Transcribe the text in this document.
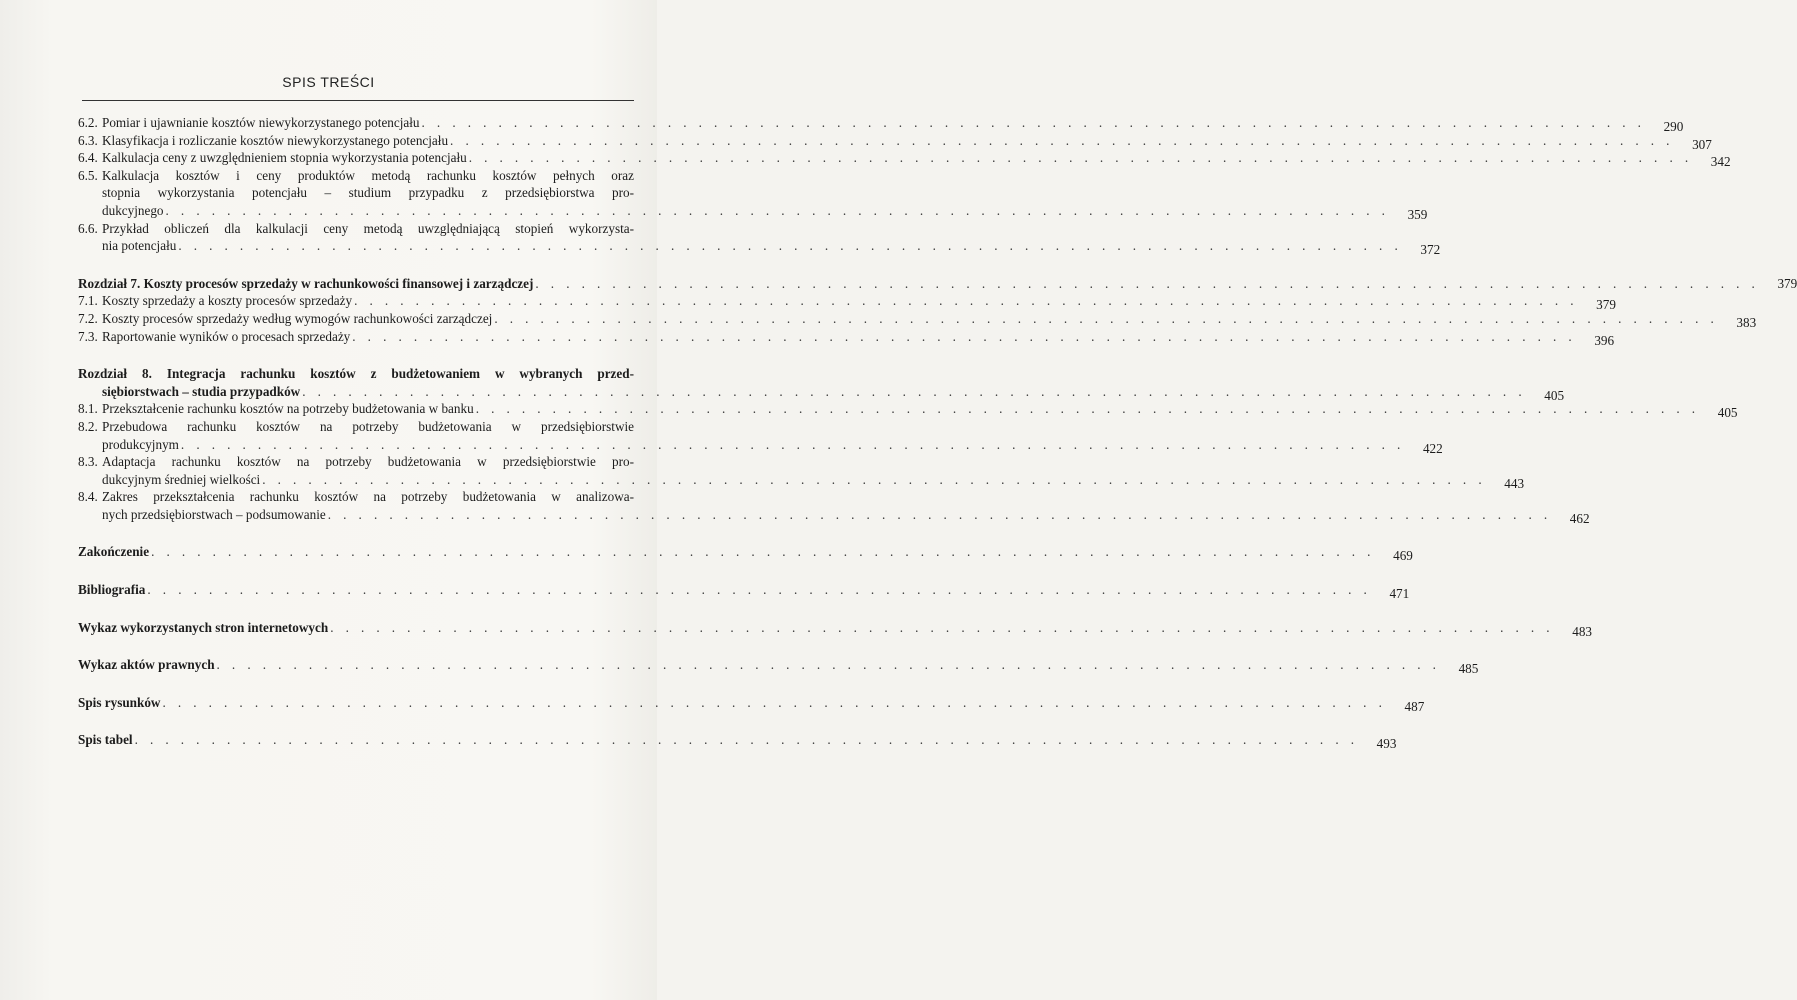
SPIS TREŚCI
6.2. Pomiar i ujawnianie kosztów niewykorzystanego potencjału . . . . . . . . . . . . . . . . . . . . . . . . . . . . . . . . . . . . . . . . . . . . . . . . . . . . . . . . . . . . . . . . . . . . . . . . . . . . . . . .	290
6.3. Klasyfikacja i rozliczanie kosztów niewykorzystanego potencjału . . . . . . . . . . . . . . . . . . . . . . . . . . . . . . . . . . . . . . . . . . . . . . . . . . . . . . . . . . . . . . . . . . . . . . . . . . . . . . . .	307
6.4. Kalkulacja ceny z uwzględnieniem stopnia wykorzystania potencjału . . . . . . . . . . . . . . . . . . . . . . . . . . . . . . . . . . . . . . . . . . . . . . . . . . . . . . . . . . . . . . . . . . . . . . . . . . . . . . . .	342
6.5. Kalkulacja kosztów i ceny produktów metodą rachunku kosztów pełnych oraz
stopnia wykorzystania potencjału – studium przypadku z przedsiębiorstwa pro-
dukcyjnego . . . . . . . . . . . . . . . . . . . . . . . . . . . . . . . . . . . . . . . . . . . . . . . . . . . . . . . . . . . . . . . . . . . . . . . . . . . . . . . .	359
6.6. Przykład obliczeń dla kalkulacji ceny metodą uwzględniającą stopień wykorzysta-
nia potencjału . . . . . . . . . . . . . . . . . . . . . . . . . . . . . . . . . . . . . . . . . . . . . . . . . . . . . . . . . . . . . . . . . . . . . . . . . . . . . . . .	372
Rozdział 7. Koszty procesów sprzedaży w rachunkowości finansowej i zarządczej . . . . . . . . . . . . . . . . . . . . . . . . . . . . . . . . . . . . . . . . . . . . . . . . . . . . . . . . . . . . . . . . . . . . . . . . . . . . . . . .	379
7.1. Koszty sprzedaży a koszty procesów sprzedaży . . . . . . . . . . . . . . . . . . . . . . . . . . . . . . . . . . . . . . . . . . . . . . . . . . . . . . . . . . . . . . . . . . . . . . . . . . . . . . . .	379
7.2. Koszty procesów sprzedaży według wymogów rachunkowości zarządczej . . . . . . . . . . . . . . . . . . . . . . . . . . . . . . . . . . . . . . . . . . . . . . . . . . . . . . . . . . . . . . . . . . . . . . . . . . . . . . . .	383
7.3. Raportowanie wyników o procesach sprzedaży . . . . . . . . . . . . . . . . . . . . . . . . . . . . . . . . . . . . . . . . . . . . . . . . . . . . . . . . . . . . . . . . . . . . . . . . . . . . . . . .	396
Rozdział 8. Integracja rachunku kosztów z budżetowaniem w wybranych przed-
siębiorstwach – studia przypadków . . . . . . . . . . . . . . . . . . . . . . . . . . . . . . . . . . . . . . . . . . . . . . . . . . . . . . . . . . . . . . . . . . . . . . . . . . . . . . . .	405
8.1. Przekształcenie rachunku kosztów na potrzeby budżetowania w banku . . . . . . . . . . . . . . . . . . . . . . . . . . . . . . . . . . . . . . . . . . . . . . . . . . . . . . . . . . . . . . . . . . . . . . . . . . . . . . . .	405
8.2. Przebudowa rachunku kosztów na potrzeby budżetowania w przedsiębiorstwie
produkcyjnym . . . . . . . . . . . . . . . . . . . . . . . . . . . . . . . . . . . . . . . . . . . . . . . . . . . . . . . . . . . . . . . . . . . . . . . . . . . . . . . .	422
8.3. Adaptacja rachunku kosztów na potrzeby budżetowania w przedsiębiorstwie pro-
dukcyjnym średniej wielkości . . . . . . . . . . . . . . . . . . . . . . . . . . . . . . . . . . . . . . . . . . . . . . . . . . . . . . . . . . . . . . . . . . . . . . . . . . . . . . . .	443
8.4. Zakres przekształcenia rachunku kosztów na potrzeby budżetowania w analizowa-
nych przedsiębiorstwach – podsumowanie . . . . . . . . . . . . . . . . . . . . . . . . . . . . . . . . . . . . . . . . . . . . . . . . . . . . . . . . . . . . . . . . . . . . . . . . . . . . . . . .	462
Zakończenie . . . . . . . . . . . . . . . . . . . . . . . . . . . . . . . . . . . . . . . . . . . . . . . . . . . . . . . . . . . . . . . . . . . . . . . . . . . . . . . .	469
Bibliografia . . . . . . . . . . . . . . . . . . . . . . . . . . . . . . . . . . . . . . . . . . . . . . . . . . . . . . . . . . . . . . . . . . . . . . . . . . . . . . . .	471
Wykaz wykorzystanych stron internetowych . . . . . . . . . . . . . . . . . . . . . . . . . . . . . . . . . . . . . . . . . . . . . . . . . . . . . . . . . . . . . . . . . . . . . . . . . . . . . . . .	483
Wykaz aktów prawnych . . . . . . . . . . . . . . . . . . . . . . . . . . . . . . . . . . . . . . . . . . . . . . . . . . . . . . . . . . . . . . . . . . . . . . . . . . . . . . . .	485
Spis rysunków . . . . . . . . . . . . . . . . . . . . . . . . . . . . . . . . . . . . . . . . . . . . . . . . . . . . . . . . . . . . . . . . . . . . . . . . . . . . . . . .	487
Spis tabel . . . . . . . . . . . . . . . . . . . . . . . . . . . . . . . . . . . . . . . . . . . . . . . . . . . . . . . . . . . . . . . . . . . . . . . . . . . . . . . .	493
